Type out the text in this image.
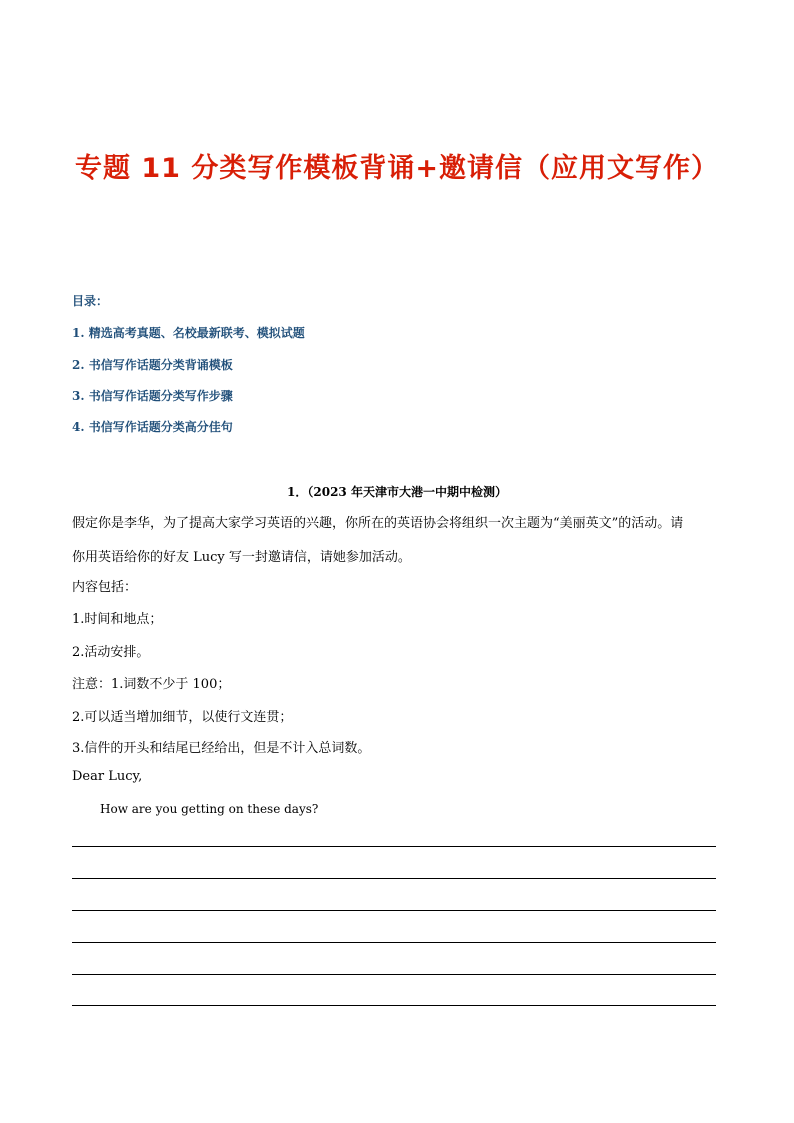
专题 11 分类写作模板背诵+邀请信（应用文写作）
目录：
1. 精选高考真题、名校最新联考、模拟试题
2. 书信写作话题分类背诵模板
3. 书信写作话题分类写作步骤
4. 书信写作话题分类高分佳句
1．（2023 年天津市大港一中期中检测）
假定你是李华，为了提高大家学习英语的兴趣，你所在的英语协会将组织一次主题为“美丽英文”的活动。请
你用英语给你的好友 Lucy 写一封邀请信，请她参加活动。
内容包括：
1.时间和地点；
2.活动安排。
注意：1.词数不少于 100；
2.可以适当增加细节，以使行文连贯；
3.信件的开头和结尾已经给出，但是不计入总词数。
Dear Lucy,
How are you getting on these days?
